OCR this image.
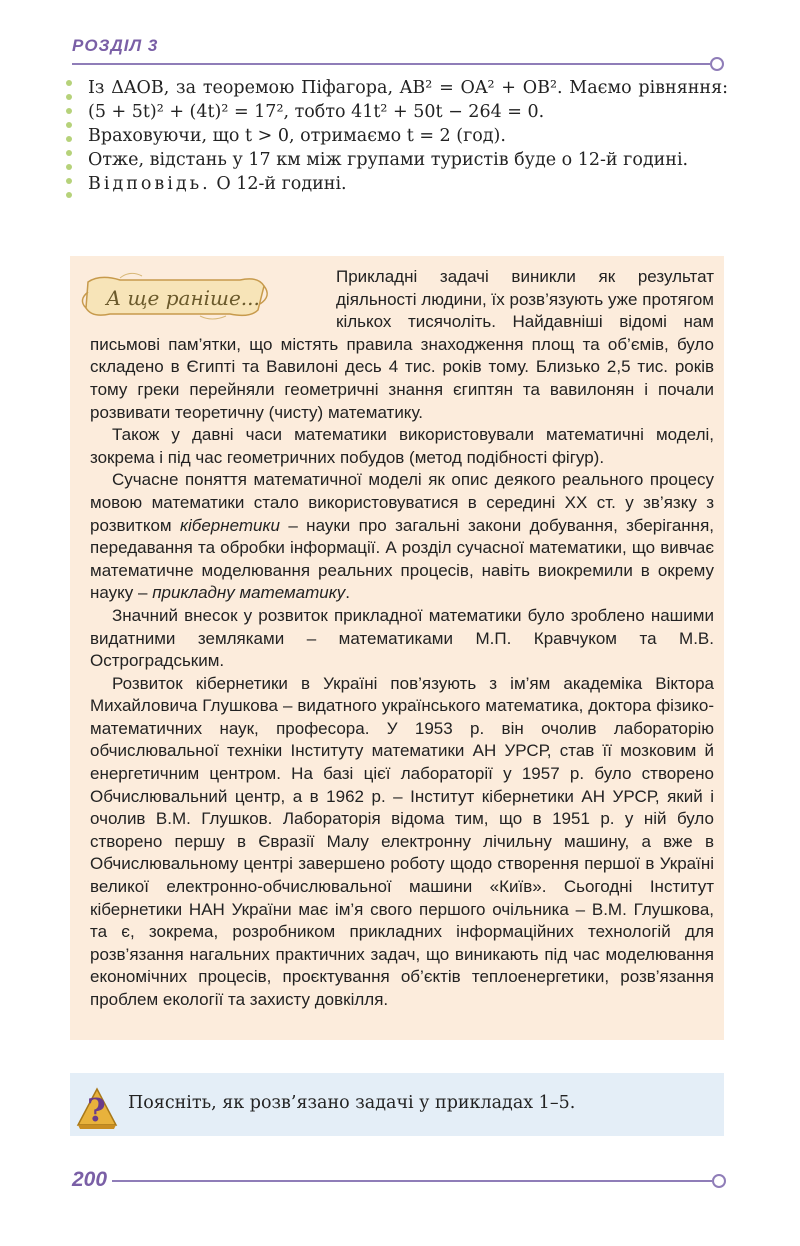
РОЗДІЛ 3

Із ΔAOB, за теоремою Піфагора, AB² = OA² + OB². Маємо рівняння: (5 + 5t)² + (4t)² = 17², тобто 41t² + 50t − 264 = 0.

Враховуючи, що t > 0, отримаємо t = 2 (год).

Отже, відстань у 17 км між групами туристів буде о 12-й годині.

Відповідь. О 12-й годині.

А ще раніше...

Прикладні задачі виникли як результат діяльності людини, їх розв’язують уже протягом кількох тисячоліть. Найдавніші відомі нам письмові пам’ятки, що містять правила знаходження площ та об’ємів, було складено в Єгипті та Вавилоні десь 4 тис. років тому. Близько 2,5 тис. років тому греки перейняли геометричні знання єгиптян та вавилонян і почали розвивати теоретичну (чисту) математику.

Також у давні часи математики використовували математичні моделі, зокрема і під час геометричних побудов (метод подібності фігур).

Сучасне поняття математичної моделі як опис деякого реального процесу мовою математики стало використовуватися в середині XX ст. у зв’язку з розвитком кібернетики – науки про загальні закони добування, зберігання, передавання та обробки інформації. А розділ сучасної математики, що вивчає математичне моделювання реальних процесів, навіть виокремили в окрему науку – прикладну математику.

Значний внесок у розвиток прикладної математики було зроблено нашими видатними земляками – математиками М.П. Кравчуком та М.В. Остроградським.

Розвиток кібернетики в Україні пов’язують з ім’ям академіка Віктора Михайловича Глушкова – видатного українського математика, доктора фізико-математичних наук, професора. У 1953 р. він очолив лабораторію обчислювальної техніки Інституту математики АН УРСР, став її мозковим й енергетичним центром. На базі цієї лабораторії у 1957 р. було створено Обчислювальний центр, а в 1962 р. – Інститут кібернетики АН УРСР, який і очолив В.М. Глушков. Лабораторія відома тим, що в 1951 р. у ній було створено першу в Євразії Малу електронну лічильну машину, а вже в Обчислювальному центрі завершено роботу щодо створення першої в Україні великої електронно-обчислювальної машини «Київ». Сьогодні Інститут кібернетики НАН України має ім’я свого першого очільника – В.М. Глушкова, та є, зокрема, розробником прикладних інформаційних технологій для розв’язання нагальних практичних задач, що виникають під час моделювання економічних процесів, проєктування об’єктів теплоенергетики, розв’язання проблем екології та захисту довкілля.

? Поясніть, як розв’язано задачі у прикладах 1–5.
200
